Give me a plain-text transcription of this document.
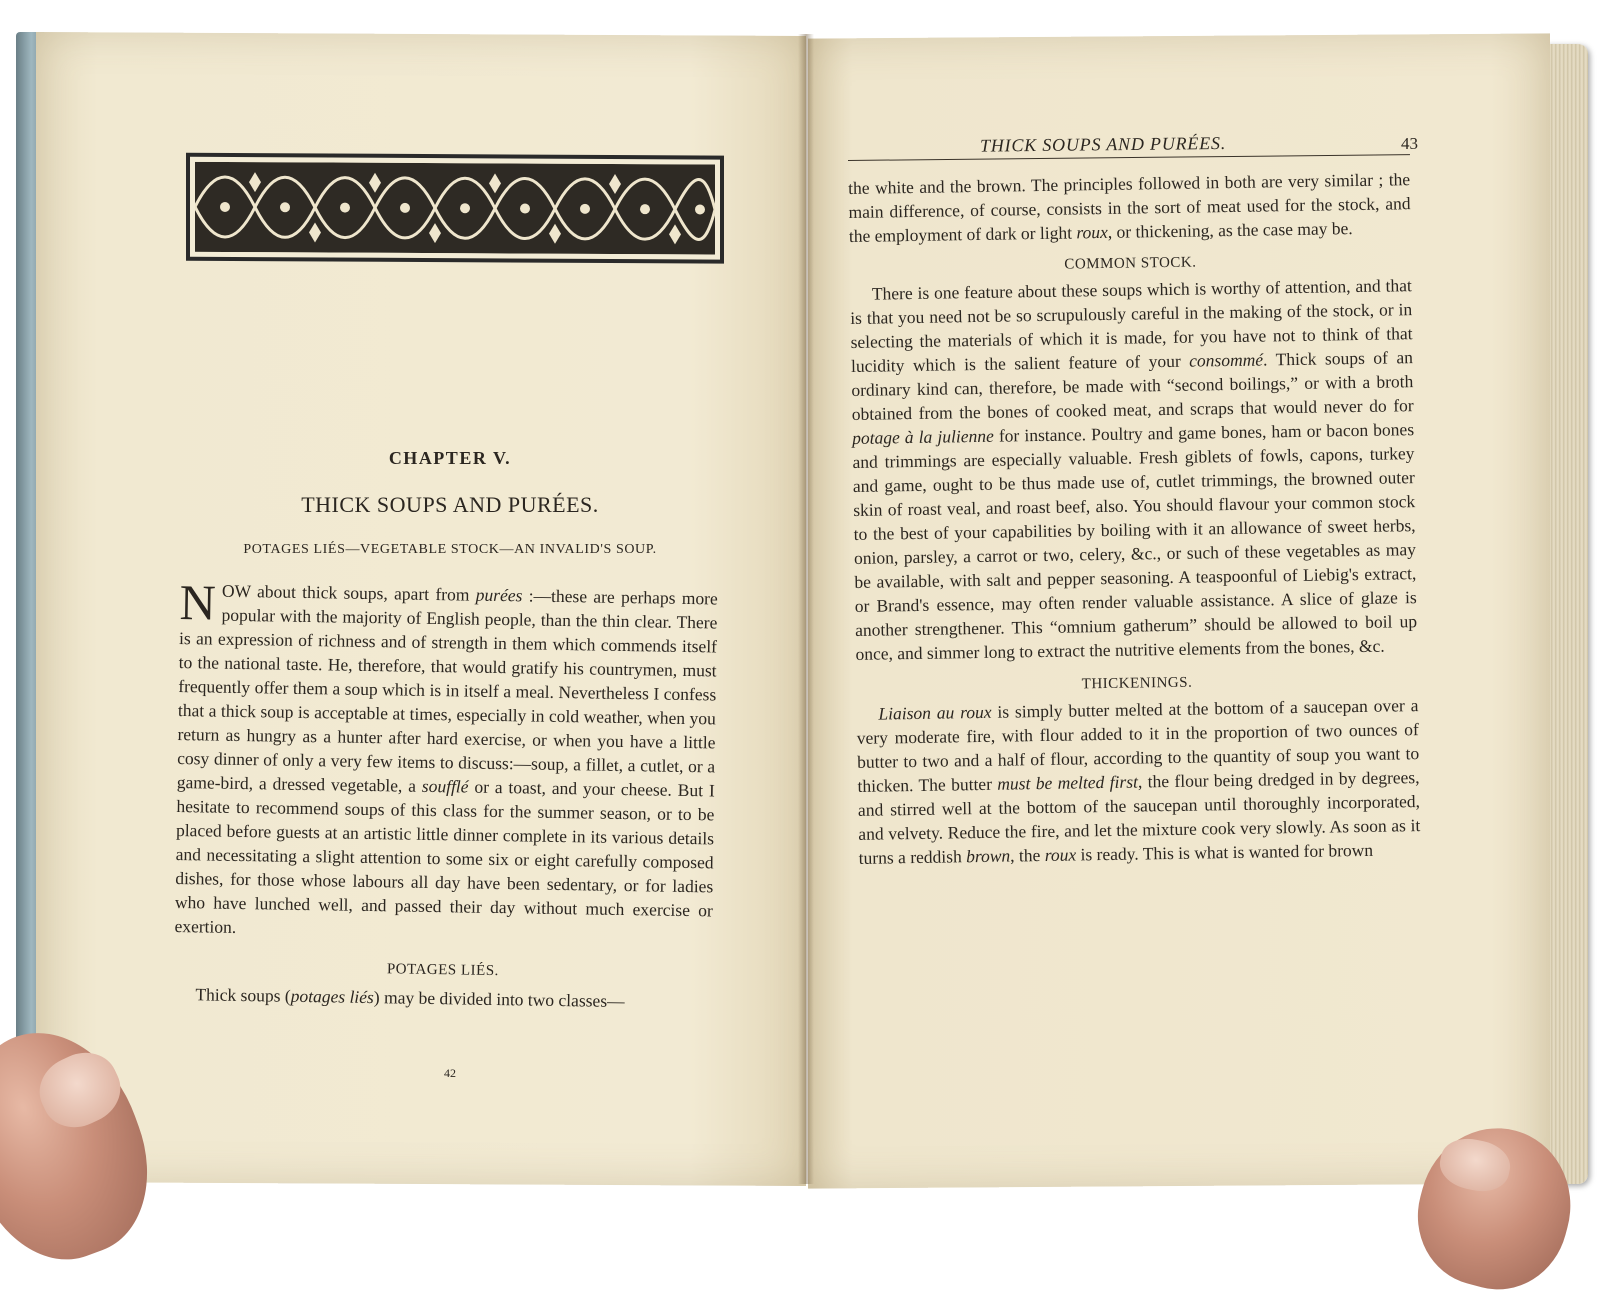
CHAPTER V.
THICK SOUPS AND PURÉES.
POTAGES LIÉS—VEGETABLE STOCK—AN INVALID'S SOUP.

NOW about thick soups, apart from purées :—these are perhaps more popular with the majority of English people, than the thin clear. There is an expression of richness and of strength in them which commends itself to the national taste. He, therefore, that would gratify his countrymen, must frequently offer them a soup which is in itself a meal. Nevertheless I confess that a thick soup is acceptable at times, especially in cold weather, when you return as hungry as a hunter after hard exercise, or when you have a little cosy dinner of only a very few items to discuss:—soup, a fillet, a cutlet, or a game-bird, a dressed vegetable, a soufflé or a toast, and your cheese. But I hesitate to recommend soups of this class for the summer season, or to be placed before guests at an artistic little dinner complete in its various details and necessitating a slight attention to some six or eight carefully composed dishes, for those whose labours all day have been sedentary, or for ladies who have lunched well, and passed their day without much exercise or exertion.

POTAGES LIÉS.

Thick soups (potages liés) may be divided into two classes—

42
THICK SOUPS AND PURÉES.	43

the white and the brown. The principles followed in both are very similar ; the main difference, of course, consists in the sort of meat used for the stock, and the employment of dark or light roux, or thickening, as the case may be.

COMMON STOCK.

There is one feature about these soups which is worthy of attention, and that is that you need not be so scrupulously careful in the making of the stock, or in selecting the materials of which it is made, for you have not to think of that lucidity which is the salient feature of your consommé. Thick soups of an ordinary kind can, therefore, be made with “second boilings,” or with a broth obtained from the bones of cooked meat, and scraps that would never do for potage à la julienne for instance. Poultry and game bones, ham or bacon bones and trimmings are especially valuable. Fresh giblets of fowls, capons, turkey and game, ought to be thus made use of, cutlet trimmings, the browned outer skin of roast veal, and roast beef, also. You should flavour your common stock to the best of your capabilities by boiling with it an allowance of sweet herbs, onion, parsley, a carrot or two, celery, &c., or such of these vegetables as may be available, with salt and pepper seasoning. A teaspoonful of Liebig's extract, or Brand's essence, may often render valuable assistance. A slice of glaze is another strengthener. This “omnium gatherum” should be allowed to boil up once, and simmer long to extract the nutritive elements from the bones, &c.

THICKENINGS.

Liaison au roux is simply butter melted at the bottom of a saucepan over a very moderate fire, with flour added to it in the proportion of two ounces of butter to two and a half of flour, according to the quantity of soup you want to thicken. The butter must be melted first, the flour being dredged in by degrees, and stirred well at the bottom of the saucepan until thoroughly incorporated, and velvety. Reduce the fire, and let the mixture cook very slowly. As soon as it turns a reddish brown, the roux is ready. This is what is wanted for brown
